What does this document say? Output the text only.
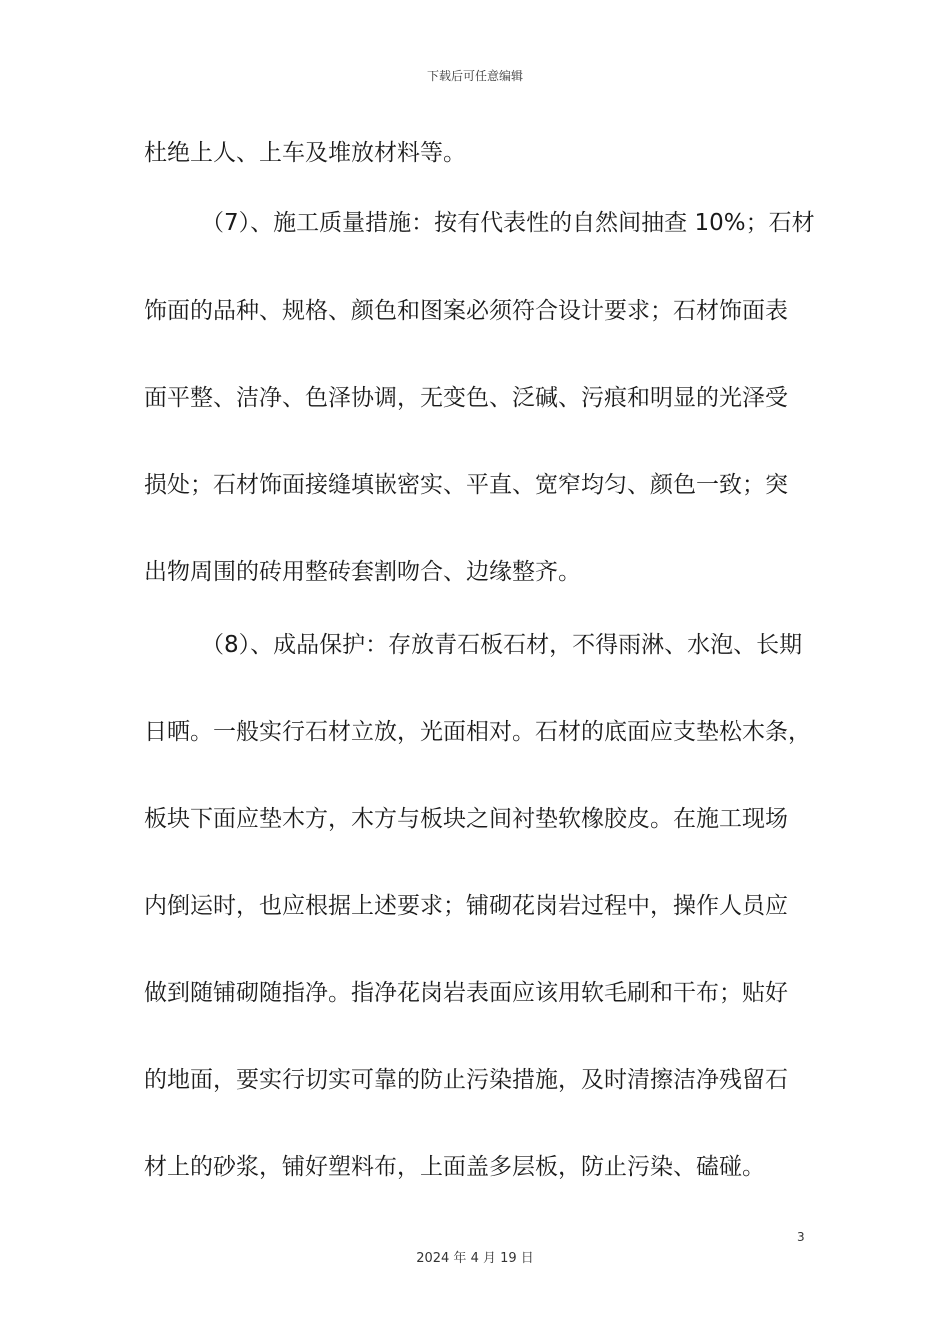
下载后可任意编辑
杜绝上人、上车及堆放材料等。
（7）、施工质量措施：按有代表性的自然间抽查 10%；石材
饰面的品种、规格、颜色和图案必须符合设计要求；石材饰面表
面平整、洁净、色泽协调，无变色、泛碱、污痕和明显的光泽受
损处；石材饰面接缝填嵌密实、平直、宽窄均匀、颜色一致；突
出物周围的砖用整砖套割吻合、边缘整齐。
（8）、成品保护：存放青石板石材，不得雨淋、水泡、长期
日晒。一般实行石材立放，光面相对。石材的底面应支垫松木条，
板块下面应垫木方，木方与板块之间衬垫软橡胶皮。在施工现场
内倒运时，也应根据上述要求；铺砌花岗岩过程中，操作人员应
做到随铺砌随指净。指净花岗岩表面应该用软毛刷和干布；贴好
的地面，要实行切实可靠的防止污染措施，及时清擦洁净残留石
材上的砂浆，铺好塑料布，上面盖多层板，防止污染、磕碰。
3
2024 年 4 月 19 日
